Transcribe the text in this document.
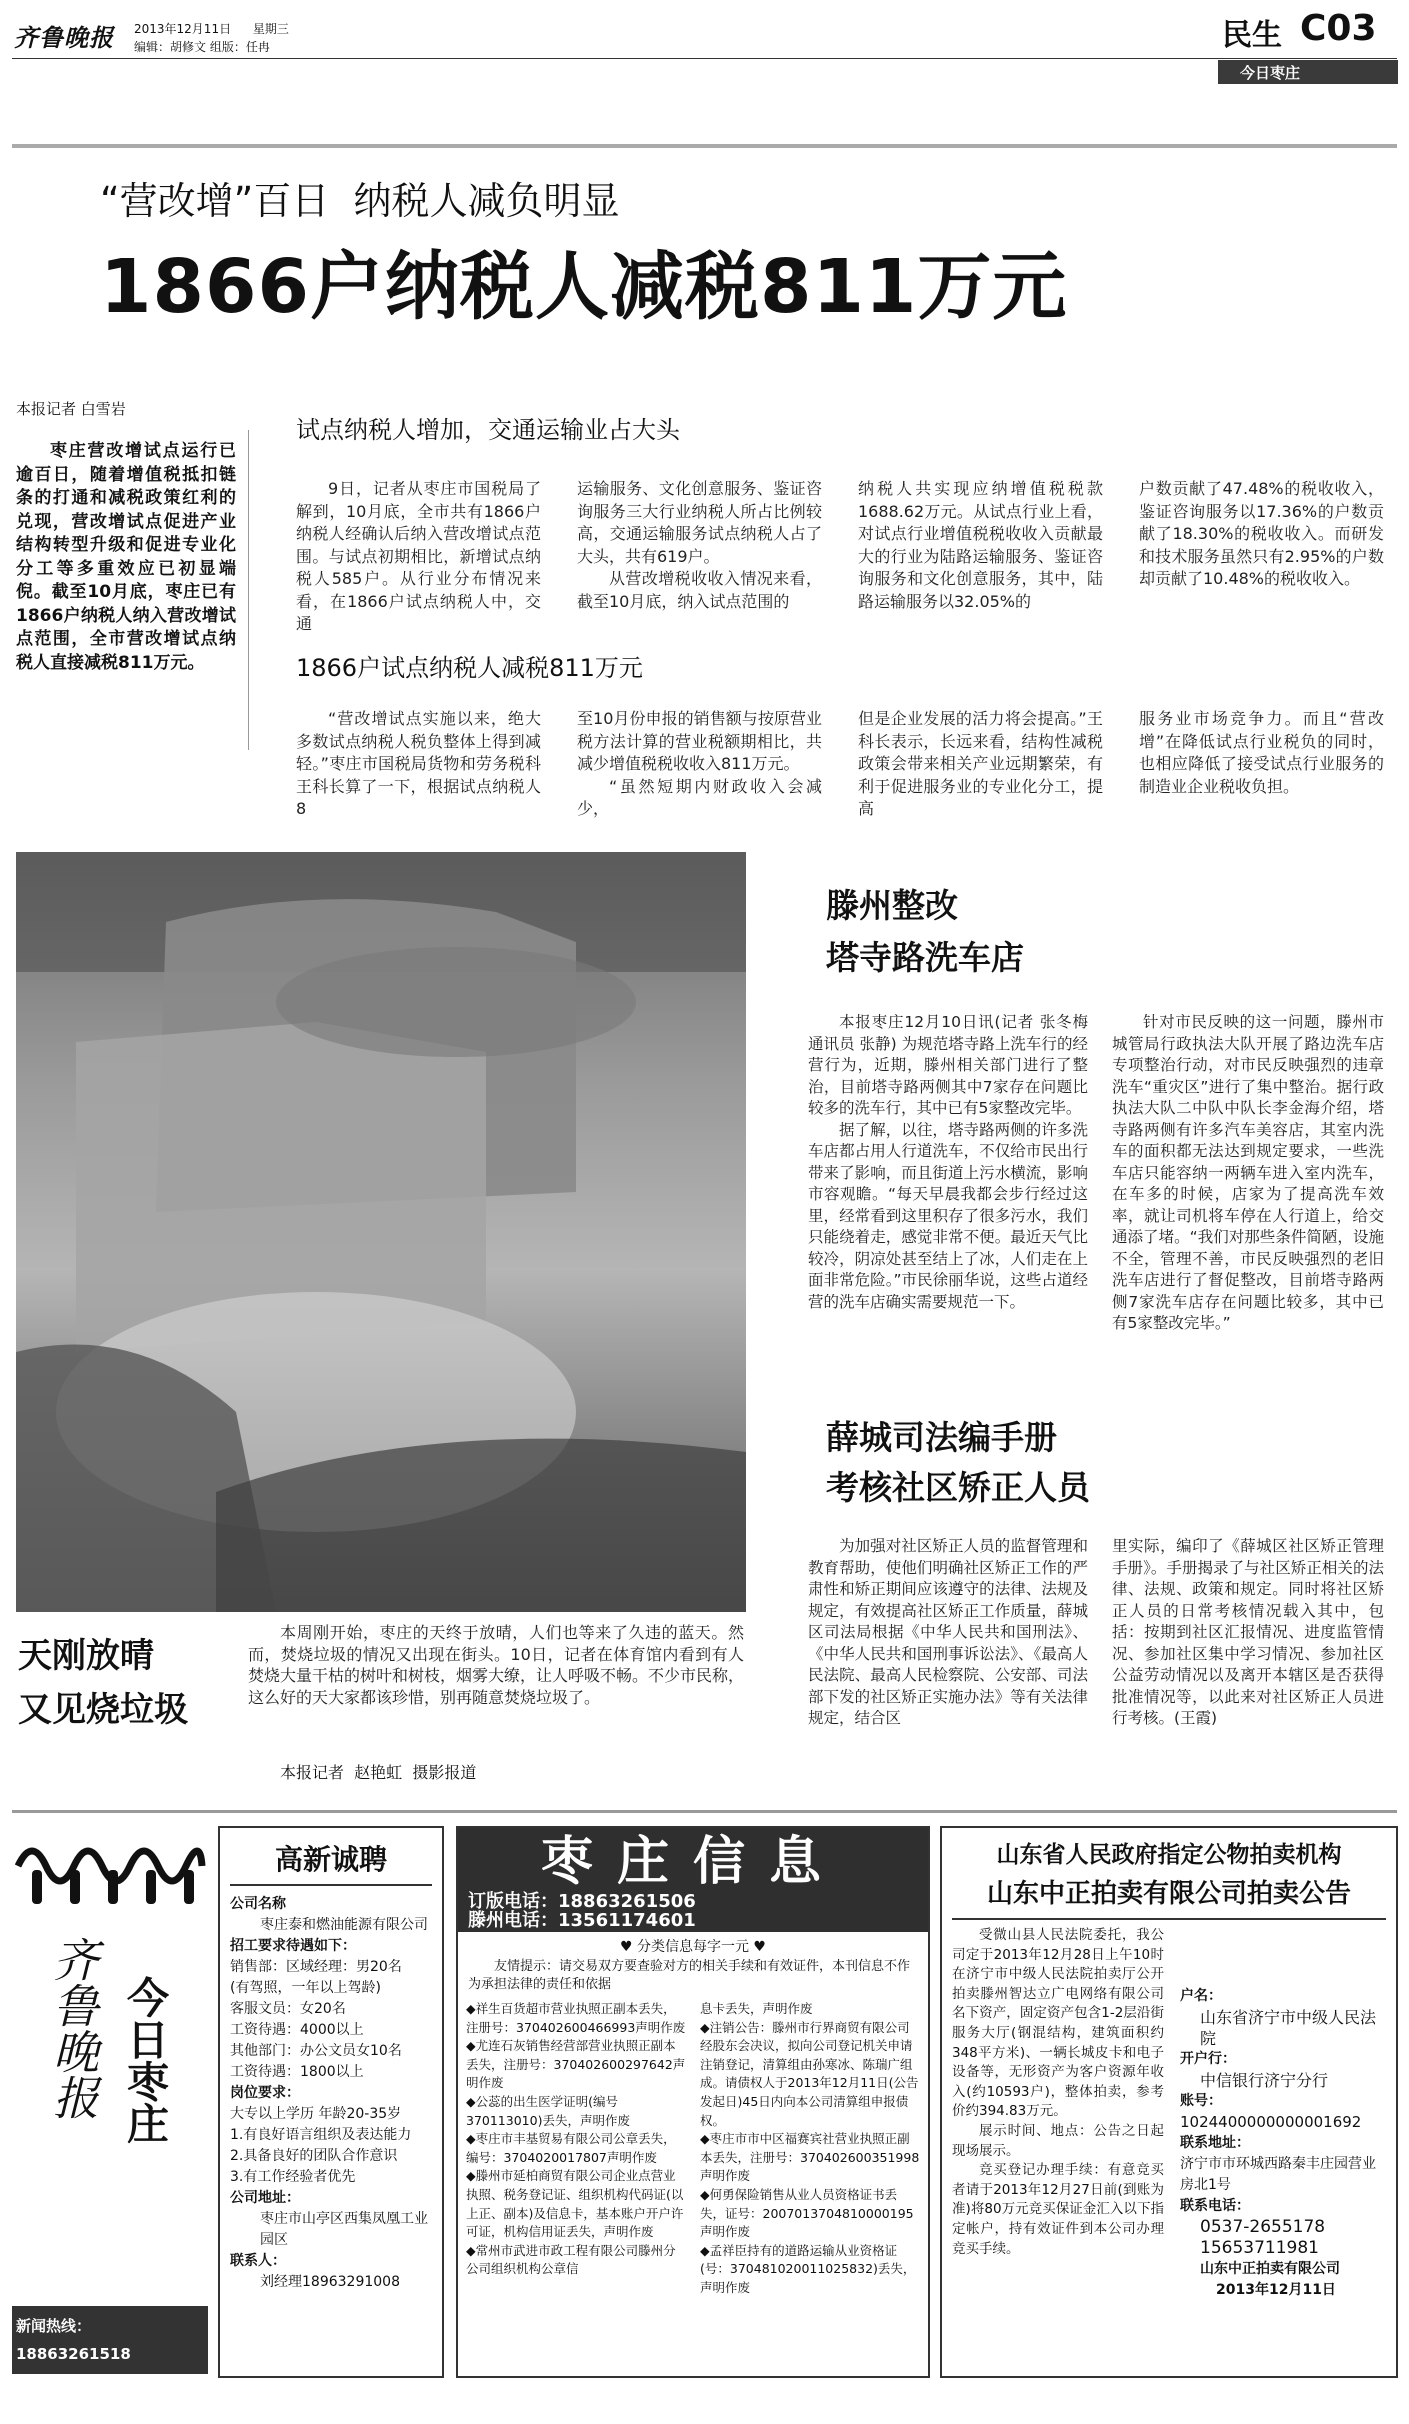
齐鲁晚报 2013年12月11日 星期三
编辑：胡修文 组版：任冉	民生 C03
今日枣庄
“营改增”百日  纳税人减负明显
1866户纳税人减税811万元
本报记者 白雪岩
枣庄营改增试点运行已逾百日，随着增值税抵扣链条的打通和减税政策红利的兑现，营改增试点促进产业结构转型升级和促进专业化分工等多重效应已初显端倪。截至10月底，枣庄已有1866户纳税人纳入营改增试点范围，全市营改增试点纳税人直接减税811万元。
试点纳税人增加，交通运输业占大头

9日，记者从枣庄市国税局了解到，10月底，全市共有1866户纳税人经确认后纳入营改增试点范围。与试点初期相比，新增试点纳税人585户。从行业分布情况来看，在1866户试点纳税人中，交通

运输服务、文化创意服务、鉴证咨询服务三大行业纳税人所占比例较高，交通运输服务试点纳税人占了大头，共有619户。

从营改增税收收入情况来看，截至10月底，纳入试点范围的

纳税人共实现应纳增值税税款1688.62万元。从试点行业上看，对试点行业增值税税收收入贡献最大的行业为陆路运输服务、鉴证咨询服务和文化创意服务，其中，陆路运输服务以32.05%的

户数贡献了47.48%的税收收入，鉴证咨询服务以17.36%的户数贡献了18.30%的税收收入。而研发和技术服务虽然只有2.95%的户数却贡献了10.48%的税收收入。

1866户试点纳税人减税811万元

“营改增试点实施以来，绝大多数试点纳税人税负整体上得到减轻。”枣庄市国税局货物和劳务税科王科长算了一下，根据试点纳税人8

至10月份申报的销售额与按原营业税方法计算的营业税额期相比，共减少增值税税收收入811万元。

“虽然短期内财政收入会减少，

但是企业发展的活力将会提高。”王科长表示，长远来看，结构性减税政策会带来相关产业远期繁荣，有利于促进服务业的专业化分工，提高

服务业市场竞争力。而且“营改增”在降低试点行业税负的同时，也相应降低了接受试点行业服务的制造业企业税收负担。

滕州整改
塔寺路洗车店

本报枣庄12月10日讯(记者 张冬梅 通讯员 张静) 为规范塔寺路上洗车行的经营行为，近期，滕州相关部门进行了整治，目前塔寺路两侧其中7家存在问题比较多的洗车行，其中已有5家整改完毕。

据了解，以往，塔寺路两侧的许多洗车店都占用人行道洗车，不仅给市民出行带来了影响，而且街道上污水横流，影响市容观瞻。“每天早晨我都会步行经过这里，经常看到这里积存了很多污水，我们只能绕着走，感觉非常不便。最近天气比较冷，阴凉处甚至结上了冰，人们走在上面非常危险。”市民徐丽华说，这些占道经营的洗车店确实需要规范一下。

针对市民反映的这一问题，滕州市城管局行政执法大队开展了路边洗车店专项整治行动，对市民反映强烈的违章洗车“重灾区”进行了集中整治。据行政执法大队二中队中队长李金海介绍，塔寺路两侧有许多汽车美容店，其室内洗车的面积都无法达到规定要求，一些洗车店只能容纳一两辆车进入室内洗车，在车多的时候，店家为了提高洗车效率，就让司机将车停在人行道上，给交通添了堵。“我们对那些条件简陋，设施不全，管理不善，市民反映强烈的老旧洗车店进行了督促整改，目前塔寺路两侧7家洗车店存在问题比较多，其中已有5家整改完毕。”

薛城司法编手册
考核社区矫正人员

为加强对社区矫正人员的监督管理和教育帮助，使他们明确社区矫正工作的严肃性和矫正期间应该遵守的法律、法规及规定，有效提高社区矫正工作质量，薛城区司法局根据《中华人民共和国刑法》、《中华人民共和国刑事诉讼法》、《最高人民法院、最高人民检察院、公安部、司法部下发的社区矫正实施办法》等有关法律规定，结合区

里实际，编印了《薛城区社区矫正管理手册》。手册揭录了与社区矫正相关的法律、法规、政策和规定。同时将社区矫正人员的日常考核情况载入其中，包括：按期到社区汇报情况、进度监管情况、参加社区集中学习情况、参加社区公益劳动情况以及离开本辖区是否获得批准情况等，以此来对社区矫正人员进行考核。(王霞)

天刚放晴
又见烧垃圾

本周刚开始，枣庄的天终于放晴，人们也等来了久违的蓝天。然而，焚烧垃圾的情况又出现在街头。10日，记者在体育馆内看到有人焚烧大量干枯的树叶和树枝，烟雾大缭，让人呼吸不畅。不少市民称，这么好的天大家都该珍惜，别再随意焚烧垃圾了。

本报记者  赵艳虹  摄影报道
齐鲁晚报 今日枣庄
新闻热线：18863261518
广告热线：18863261508
高新诚聘
公司名称
枣庄泰和燃油能源有限公司
招工要求待遇如下：
销售部：区域经理：男20名
(有驾照，一年以上驾龄)
客服文员：女20名
工资待遇：4000以上
其他部门：办公文员女10名
工资待遇：1800以上
岗位要求：
大专以上学历 年龄20-35岁
1.有良好语言组织及表达能力
2.具备良好的团队合作意识
3.有工作经验者优先
公司地址：
枣庄市山亭区西集凤凰工业园区
联系人：
刘经理18963291008
枣庄信息
订版电话：18863261506
滕州电话：13561174601
♥ 分类信息每字一元 ♥
友情提示：请交易双方要查验对方的相关手续和有效证件，本刊信息不作为承担法律的责任和依据
◆祥生百货超市营业执照正副本丢失，注册号：370402600466993声明作废
◆尤连石灰销售经营部营业执照正副本丢失，注册号：370402600297642声明作废
◆公蕊的出生医学证明(编号370113010)丢失，声明作废
◆枣庄市丰基贸易有限公司公章丢失，编号：3704020017807声明作废
◆滕州市延柏商贸有限公司企业点营业执照、税务登记证、组织机构代码证(以上正、副本)及信息卡，基本账户开户许可证，机构信用证丢失，声明作废
◆常州市武进市政工程有限公司滕州分公司组织机构公章信
息卡丢失，声明作废
◆注销公告：滕州市行界商贸有限公司经股东会决议，拟向公司登记机关申请注销登记，清算组由孙寒冰、陈瑞广组成。请债权人于2013年12月11日(公告发起日)45日内向本公司清算组申报债权。
◆枣庄市市中区福赛宾社营业执照正副本丢失，注册号：370402600351998声明作废
◆何勇保险销售从业人员资格证书丢失，证号：2007013704810000195声明作废
◆孟祥臣持有的道路运输从业资格证(号：370481020011025832)丢失，声明作废
山东省人民政府指定公物拍卖机构
山东中正拍卖有限公司拍卖公告
受微山县人民法院委托，我公司定于2013年12月28日上午10时在济宁市中级人民法院拍卖厅公开拍卖滕州智达立广电网络有限公司名下资产，固定资产包含1-2层沿街服务大厅(钢混结构，建筑面积约348平方米)、一辆长城皮卡和电子设备等，无形资产为客户资源年收入(约10593户)，整体拍卖，参考价约394.83万元。
展示时间、地点：公告之日起现场展示。
竞买登记办理手续：有意竞买者请于2013年12月27日前(到账为准)将80万元竞买保证金汇入以下指定帐户，持有效证件到本公司办理竞买手续。
户名：
山东省济宁市中级人民法院
开户行：
中信银行济宁分行
账号：
1024400000000001692
联系地址：
济宁市市环城西路秦丰庄园营业房北1号
联系电话：
0537-2655178
15653711981
山东中正拍卖有限公司
2013年12月11日
